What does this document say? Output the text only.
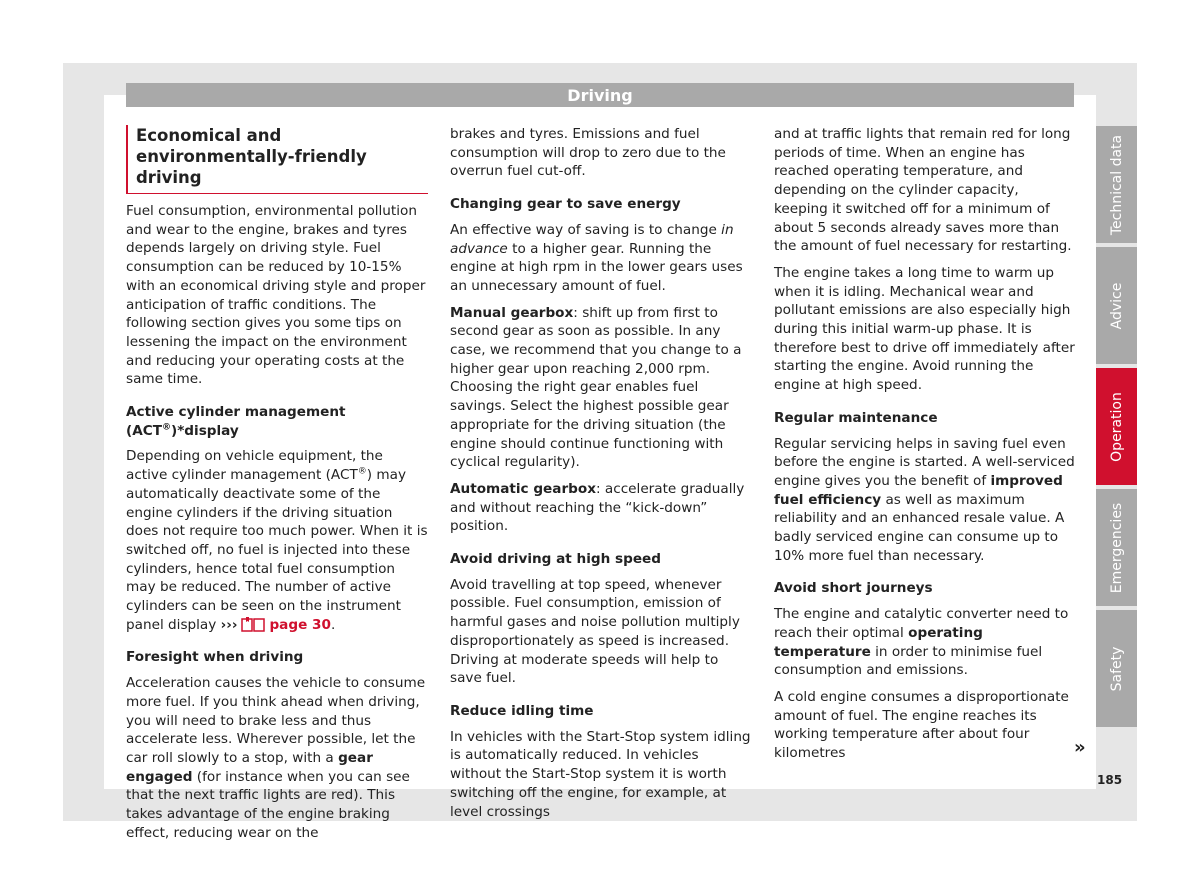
Driving
Economical and environmentally-friendly driving

Fuel consumption, environmental pollution and wear to the engine, brakes and tyres depends largely on driving style. Fuel consumption can be reduced by 10-15% with an economical driving style and proper anticipation of traffic conditions. The following section gives you some tips on lessening the impact on the environment and reducing your operating costs at the same time.

Active cylinder management (ACT®)*display

Depending on vehicle equipment, the active cylinder management (ACT®) may automatically deactivate some of the engine cylinders if the driving situation does not require too much power. When it is switched off, no fuel is injected into these cylinders, hence total fuel consumption may be reduced. The number of active cylinders can be seen on the instrument panel display ››› page 30.

Foresight when driving

Acceleration causes the vehicle to consume more fuel. If you think ahead when driving, you will need to brake less and thus accelerate less. Wherever possible, let the car roll slowly to a stop, with a gear engaged (for instance when you can see that the next traffic lights are red). This takes advantage of the engine braking effect, reducing wear on the

brakes and tyres. Emissions and fuel consumption will drop to zero due to the overrun fuel cut-off.

Changing gear to save energy

An effective way of saving is to change in advance to a higher gear. Running the engine at high rpm in the lower gears uses an unnecessary amount of fuel.

Manual gearbox: shift up from first to second gear as soon as possible. In any case, we recommend that you change to a higher gear upon reaching 2,000 rpm. Choosing the right gear enables fuel savings. Select the highest possible gear appropriate for the driving situation (the engine should continue functioning with cyclical regularity).

Automatic gearbox: accelerate gradually and without reaching the “kick-down” position.

Avoid driving at high speed

Avoid travelling at top speed, whenever possible. Fuel consumption, emission of harmful gases and noise pollution multiply disproportionately as speed is increased. Driving at moderate speeds will help to save fuel.

Reduce idling time

In vehicles with the Start-Stop system idling is automatically reduced. In vehicles without the Start-Stop system it is worth switching off the engine, for example, at level crossings

and at traffic lights that remain red for long periods of time. When an engine has reached operating temperature, and depending on the cylinder capacity, keeping it switched off for a minimum of about 5 seconds already saves more than the amount of fuel necessary for restarting.

The engine takes a long time to warm up when it is idling. Mechanical wear and pollutant emissions are also especially high during this initial warm-up phase. It is therefore best to drive off immediately after starting the engine. Avoid running the engine at high speed.

Regular maintenance

Regular servicing helps in saving fuel even before the engine is started. A well-serviced engine gives you the benefit of improved fuel efficiency as well as maximum reliability and an enhanced resale value. A badly serviced engine can consume up to 10% more fuel than necessary.

Avoid short journeys

The engine and catalytic converter need to reach their optimal operating temperature in order to minimise fuel consumption and emissions.

A cold engine consumes a disproportionate amount of fuel. The engine reaches its working temperature after about four kilometres	»
Technical data
Advice
Operation
Emergencies
Safety
185
